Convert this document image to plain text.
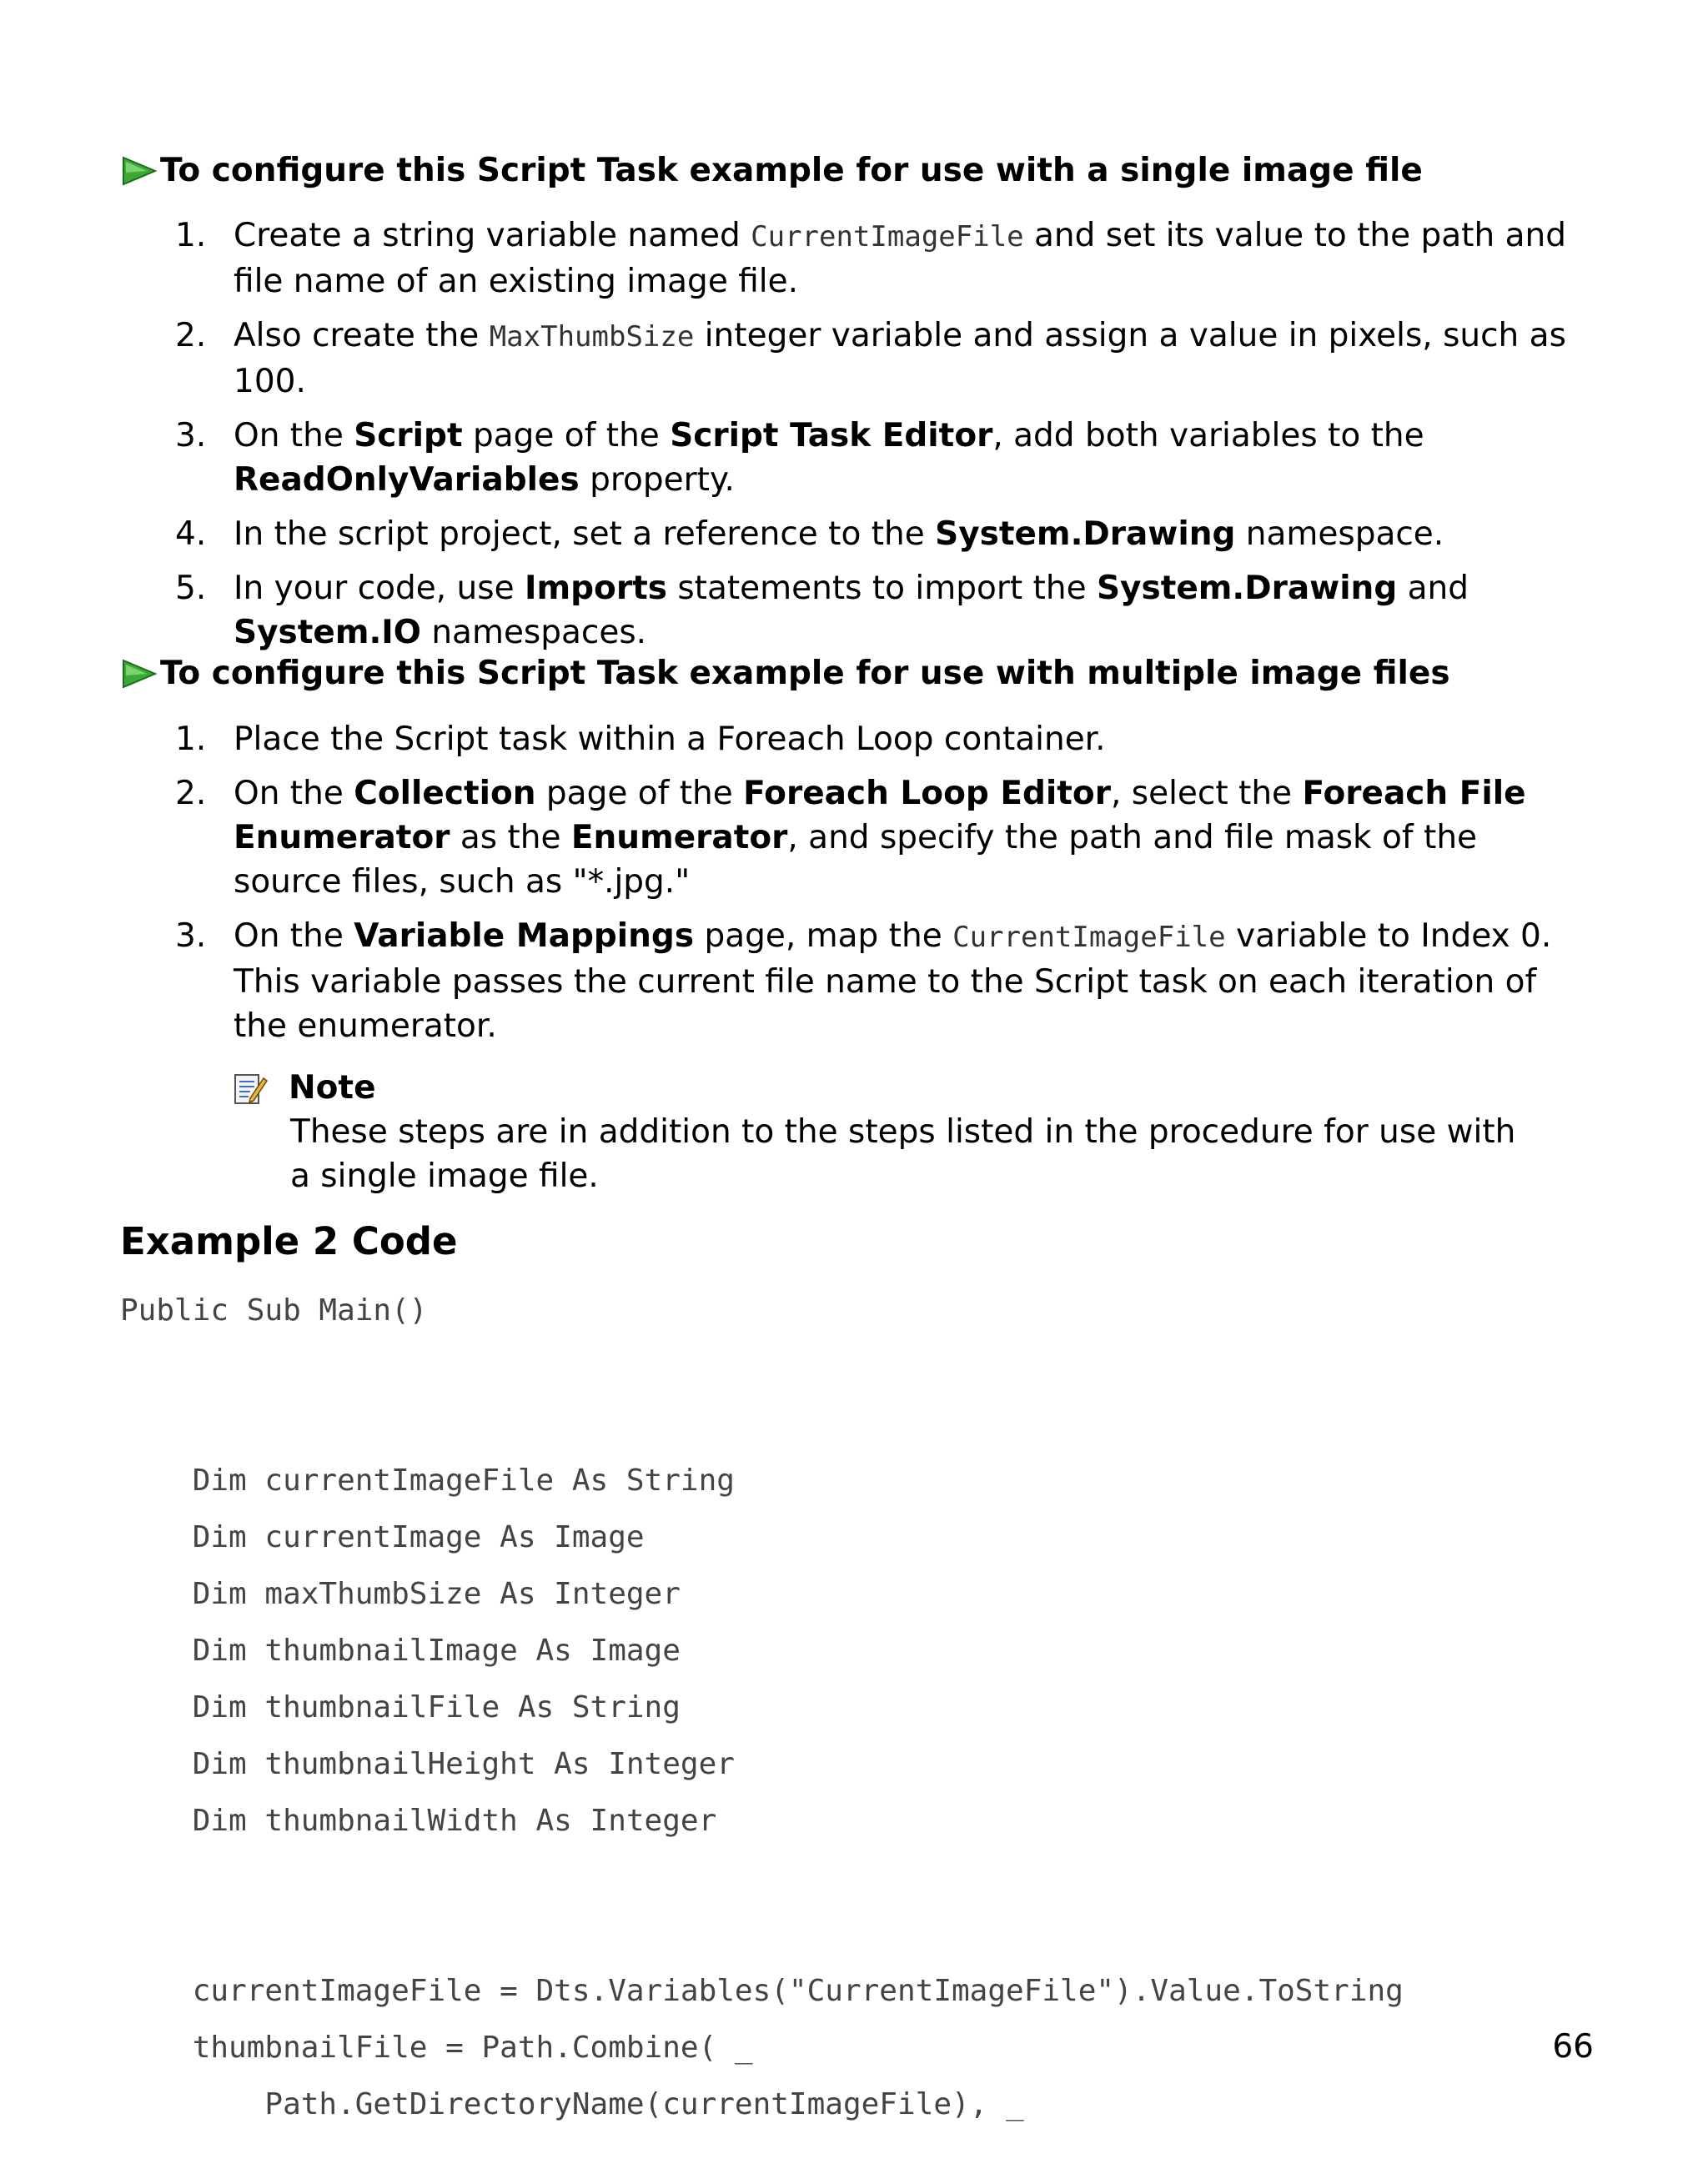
To configure this Script Task example for use with a single image file
1. Create a string variable named CurrentImageFile and set its value to the path and file name of an existing image file.
2. Also create the MaxThumbSize integer variable and assign a value in pixels, such as 100.
3. On the Script page of the Script Task Editor, add both variables to the ReadOnlyVariables property.
4. In the script project, set a reference to the System.Drawing namespace.
5. In your code, use Imports statements to import the System.Drawing and System.IO namespaces.
To configure this Script Task example for use with multiple image files
1. Place the Script task within a Foreach Loop container.
2. On the Collection page of the Foreach Loop Editor, select the Foreach File Enumerator as the Enumerator, and specify the path and file mask of the source files, such as "*.jpg."
3. On the Variable Mappings page, map the CurrentImageFile variable to Index 0. This variable passes the current file name to the Script task on each iteration of the enumerator.
Note
These steps are in addition to the steps listed in the procedure for use with a single image file.
Example 2 Code
Public Sub Main()

Dim currentImageFile As String
Dim currentImage As Image
Dim maxThumbSize As Integer
Dim thumbnailImage As Image
Dim thumbnailFile As String
Dim thumbnailHeight As Integer
Dim thumbnailWidth As Integer

currentImageFile = Dts.Variables("CurrentImageFile").Value.ToString
thumbnailFile = Path.Combine( _
Path.GetDirectoryName(currentImageFile), _
66
